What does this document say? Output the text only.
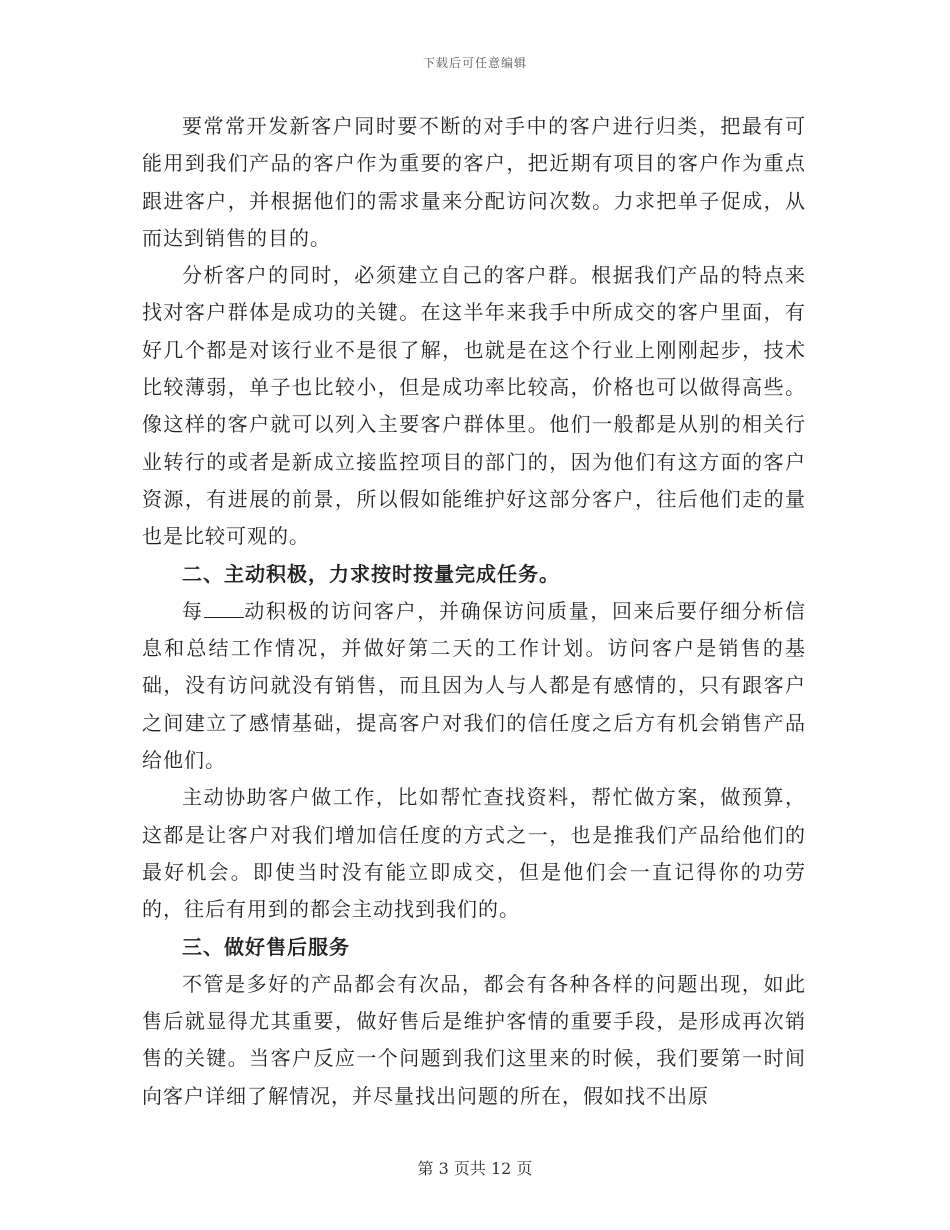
下载后可任意编辑

要常常开发新客户同时要不断的对手中的客户进行归类，把最有可能用到我们产品的客户作为重要的客户，把近期有项目的客户作为重点跟进客户，并根据他们的需求量来分配访问次数。力求把单子促成，从而达到销售的目的。

分析客户的同时，必须建立自己的客户群。根据我们产品的特点来找对客户群体是成功的关键。在这半年来我手中所成交的客户里面，有好几个都是对该行业不是很了解，也就是在这个行业上刚刚起步，技术比较薄弱，单子也比较小，但是成功率比较高，价格也可以做得高些。像这样的客户就可以列入主要客户群体里。他们一般都是从别的相关行业转行的或者是新成立接监控项目的部门的，因为他们有这方面的客户资源，有进展的前景，所以假如能维护好这部分客户，往后他们走的量也是比较可观的。

二、主动积极，力求按时按量完成任务。

每 动积极的访问客户，并确保访问质量，回来后要仔细分析信息和总结工作情况，并做好第二天的工作计划。访问客户是销售的基础，没有访问就没有销售，而且因为人与人都是有感情的，只有跟客户之间建立了感情基础，提高客户对我们的信任度之后方有机会销售产品给他们。

主动协助客户做工作，比如帮忙查找资料，帮忙做方案，做预算，这都是让客户对我们增加信任度的方式之一，也是推我们产品给他们的最好机会。即使当时没有能立即成交，但是他们会一直记得你的功劳的，往后有用到的都会主动找到我们的。

三、做好售后服务

不管是多好的产品都会有次品，都会有各种各样的问题出现，如此售后就显得尤其重要，做好售后是维护客情的重要手段，是形成再次销售的关键。当客户反应一个问题到我们这里来的时候，我们要第一时间向客户详细了解情况，并尽量找出问题的所在，假如找不出原

第 3 页共 12 页
